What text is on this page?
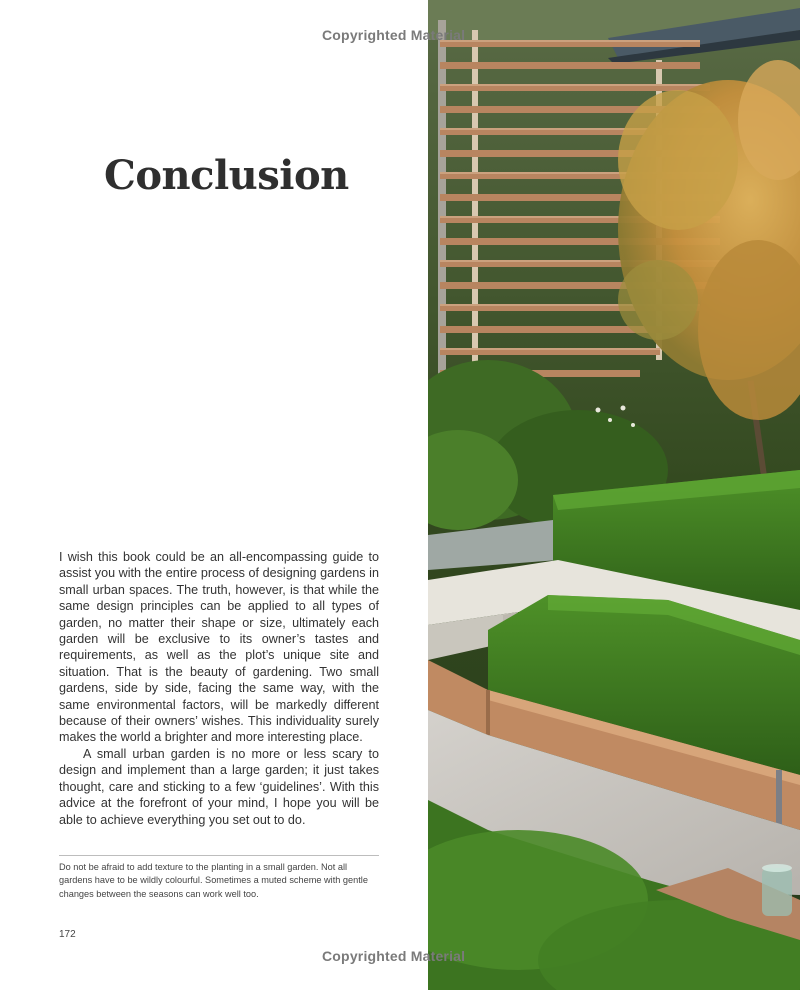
Conclusion

I wish this book could be an all-encompassing guide to assist you with the entire process of designing gardens in small urban spaces. The truth, however, is that while the same design principles can be applied to all types of garden, no matter their shape or size, ultimately each garden will be exclusive to its owner’s tastes and requirements, as well as the plot’s unique site and situation. That is the beauty of gardening. Two small gardens, side by side, facing the same way, with the same environmental factors, will be markedly different because of their owners’ wishes. This individuality surely makes the world a brighter and more interesting place.

A small urban garden is no more or less scary to design and implement than a large garden; it just takes thought, care and sticking to a few ‘guidelines’. With this advice at the forefront of your mind, I hope you will be able to achieve everything you set out to do.

Do not be afraid to add texture to the planting in a small garden. Not all gardens have to be wildly colourful. Sometimes a muted scheme with gentle changes between the seasons can work well too.

172
Copyrighted Material
Copyrighted Material
